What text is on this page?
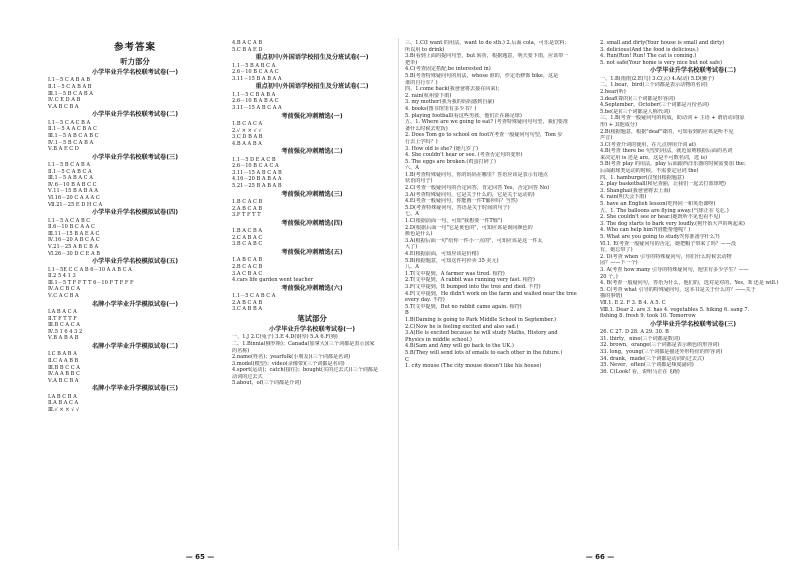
参考答案
听力部分
小学毕业升学名校联考试卷(一)
Ⅰ.1－5 C A B A B
Ⅱ.1－5 C A B A B
Ⅲ.1－5 B C A B A
Ⅳ.C E D A B
Ⅴ.A B C B A
小学毕业升学名校联考试卷(二)
Ⅰ.1－5 C A C B A
Ⅱ.1－5 A A C B A C
Ⅲ.1－5 A B C A B C
Ⅳ.1－5 B C A B A
Ⅴ.B A E C D
小学毕业升学名校联考试卷(三)
Ⅰ.1－5 B C A B A
Ⅱ.1－5 C A B C A
Ⅲ.1－5 A B A C A
Ⅳ.6－10 B A B C C
Ⅴ.11－15 B A B A A
Ⅵ.16－20 C A A A C
Ⅶ.21－25 E D H C A
小学毕业升学名校模拟试卷(四)
Ⅰ.1－5 A C A B C
Ⅱ.6－10 B C A A C
Ⅲ.11－15 B A E A C
Ⅳ.16－20 A B C A C
Ⅴ.21－25 A B C B A
Ⅵ.26－30 D C E A B
小学毕业升学名校模拟试卷(五)
Ⅰ.1－5E C C A B 6－10 A A B C A
Ⅱ.2 5 4 1 3
Ⅲ.1－5 T F F T T 6－10 F T F F F
Ⅳ.A C B C A
Ⅴ.C A C B A
名牌小学毕业升学模拟试卷(一)
Ⅰ.A B A C A
Ⅱ.T F T T F
Ⅲ.B C A C A
Ⅳ.5 1 6 4 3 2
Ⅴ.B A B A B
名牌小学毕业升学模拟试卷(二)
Ⅰ.C B A B A
Ⅱ.C A A B B
Ⅲ.B B C C A
Ⅳ.A A B B C
Ⅴ.A B C B A
名牌小学毕业升学模拟试卷(三)
Ⅰ.A B C B A
Ⅱ.A B A C A
Ⅲ.√ × × √ √
4.B A C A B
5.C B A E D
重点初中/外国语学校招生及分班试卷(一)
1.1－5 B A B C A
2.6－10 B C A A C
3.11－15 B A B A A
重点初中/外国语学校招生及分班试卷(二)
1.1－5 C B A B A
2.6－10 B A B A C
3.11－15 A B C A A
考前强化冲刺精选(一)
1.B C A C A
2.√ × × √ √
3.C D B A B
4.B A A B A
考前强化冲刺精选(二)
1.1－5 D E A C B
2.6－10 B C A C A
3.11－15 A B C A B
4.16－20 B A B A A
5.21－25 B A B A B
考前强化冲刺精选(三)
1.B C A C B
2.A B C A B
3.F T F T T
考前强化冲刺精选(四)
1.B A C B A
2.C A B A C
3.B C A B C
考前强化冲刺精选(五)
1.A B C A B
2.B C A C B
3.A C B A C
4.cars life garden went teacher
考前强化冲刺精选(六)
1.1－5 C A B C A
2.A B C A B
3.C A B B A
笔试部分
小学毕业升学名校联考试卷(一)
一、1.J 2.C(兔子) 3.E 4.D(钢琴) 5.A 6.F(狗)
二、1.Binnia(俄罗斯)；Canada(加拿大)(三个词都是表示国家
的名称)
2.name(姓名)；yearfolk(小朋友)(三个词都是名词)
3.model(模型)；video(录像带)(三个词都是名词)
4.sport(运动)；catch(接住)；bought(买的过去式)(三个词都是
动词的过去式
5.about，of(三个词都是介词)
— 65 —
三、1.C(I want 的用法，want to do sth.) 2.后面 cola，可乐是饮料；
所以用 to drink)
3.B(看到上面的提问句型，but 转折，根据题意，明天要下雨，应该带一
把伞)
4.C(考查固定搭配,be interested in)
5.B(考查特殊疑问句的用法，whose 谁的，作定语修饰 bike，这是
谁的自行车？)
四、1.come back(我爸爸将去接在回来)；
2. rain(杭州要下雨)
3. my mother(我为我的妈妈感到自豪)
4. books(图书馆里有多少书？)
5. playing football(看这些男孩，他们正在踢足球)
五、1. Where are we going to eat? (考查特殊疑问句句型，我们要准
备什么时候去吃饭)
2. Does Tom go to school on foot?(考查一般疑问句句型，Tom 步
行去上学吗？)
3. How old is she? (她几岁了)
4. She couldn't hear or see. (考查否定句的变形)
5. The eggs are broken.(鸡蛋打碎了)
六、A
1.B(考查特殊疑问句，你的妈妈在哪里？答语应该是表示有地点
状语的句子)
2.C(考查一般疑问句的否定回答，肯定回答 Yes，否定回答 No)
3.A(考查特殊疑问句，它是关于什么的，它是关于运动的)
4.E(考查一般疑问句，你能画一件T恤衫吗？当然)
5.D(考查特殊疑问句，答语是关于时间的句子)
七、A
1.C(根据前面一句，可知"我想要一件T恤")
2.D(根据后面一句"它是黄色的"，可知应该是询问颜色的
颜色是什么)
3.A(根据后面一句"给你一件小一点的"，可知应该是这一件太
大了)
4.E(根据前面，可知应该是价格)
5.B(根据题意，可知这件衬衫卖 35 美元)
八、A
1.T(文中提到，A farmer was tired. 相符)
2.T(文中提到，A rabbit was running very fast. 相符)
3.F(文中提到，It bumped into the tree and died. 不符)
4.F(文中提到，He didn't work on the farm and waited near the tree
every day. 不符)
5.T(文中提到，But no rabbit came again. 相符)
B
1.B(Daming is going to Park Middle School in September.)
2.C(Now he is feeling excited and also sad.)
3.A(He is excited because he will study Maths, History and
Physics in middle school.)
4.B(Sam and Amy will go back to the UK.)
5.B(They will send lots of emails to each other in the future.)
C
1. city mouse (The city mouse doesn't like his house)
2. small and dirty(Your house is small and dirty)
3. delicious(And the food is delicious.)
4. Run(Run! Run! The cat is coming.)
5. not safe(Your home is very nice but not safe)
小学毕业升学名校联考试卷(二)
一、1.B(雨雨)2.E(鸟) 3.C(云) 4.A(动) 5.D(狮子)
二、1.bear，bird(三个词都是表示动物的名词)
2.hear(听)
3.deaf(聋的)(三个词都是形容词)
4.September，October(三个词都是月份名词)
5.be(是)(三个词都是人称代词)
三、1.B(考查一般疑问句的构成，助动词 + 主语 + 谓语动词(原
形) + 其他成分)
2.B(根据题意，根据"deaf"聋的，可知看到的应该是听不见
声音)
3.C(考查介词的使用，在几点钟用介词 at)
4.B(考查 there be 句型的用法，就近原则根据后面的名词
来决定用 is 还是 are，这是不可数名词，选 is)
5.B(考查 play 的用法，play 后面跟西洋乐器的时候需要加 the；
后面跟球类运动的时候，不需要定冠词 the)
四、1. hamburger(汉堡)(根据题意)
2. play basketball(和尼查丽，让我们一起去打篮球吧)
3. Shanghai(我爸爸将去上海)
4. rain(明天会下雨)
5. have an English lesson(吃得同一和英语课呀)
五、1. The balloons are flying away.(气球正在飞走。)
2. She couldn't see or hear.(她既听不见也看不见)
3. The dog starts to bark very loudly.(狗开始大声的叫起来)
4. Who can help him?(谁能帮他呢？)
5. What are you going to study?(你准备学什么?)
Ⅵ.1. E(考查一般疑问句的否定，她把帽子带来了吗？——没
有，她忘带了)
2. D(考查 when 引导的特殊疑问句，你们什么时候去动物
园？——下一个)
3. A(考查 how many 引导的特殊疑问句，他里有多少学生？——
20 个。)
4. B(考查一般疑问句，答语为什么，他们的，选对是对的，Yes，It 还是 will.)
5. C(考查 what 引导的特殊疑问句，这本书是关于什么的？——关于
猫的事情)
Ⅶ.1. E 2. F 3. B 4. A 5. C
Ⅷ.1. Dear 2. are 3. has 4. vegetables 5. hiking 6. sang 7.
fishing 8. fresh 9. took 10. Tomorrow
小学毕业升学名校联考试卷(三)
26. C 27. D 28. A 29. 30. B
31. thirty，nine(三个词都是数词)
32. brown，orange(三个词都是表示颜色的形容词)
33. long，young(三个词都是描述外形特征的形容词)
34. drank，made(三个词都是动词的过去式)
35. Never，often(三个词都是频度副词)
36. C(Look! 看，说明马正在飞跑)
— 66 —
